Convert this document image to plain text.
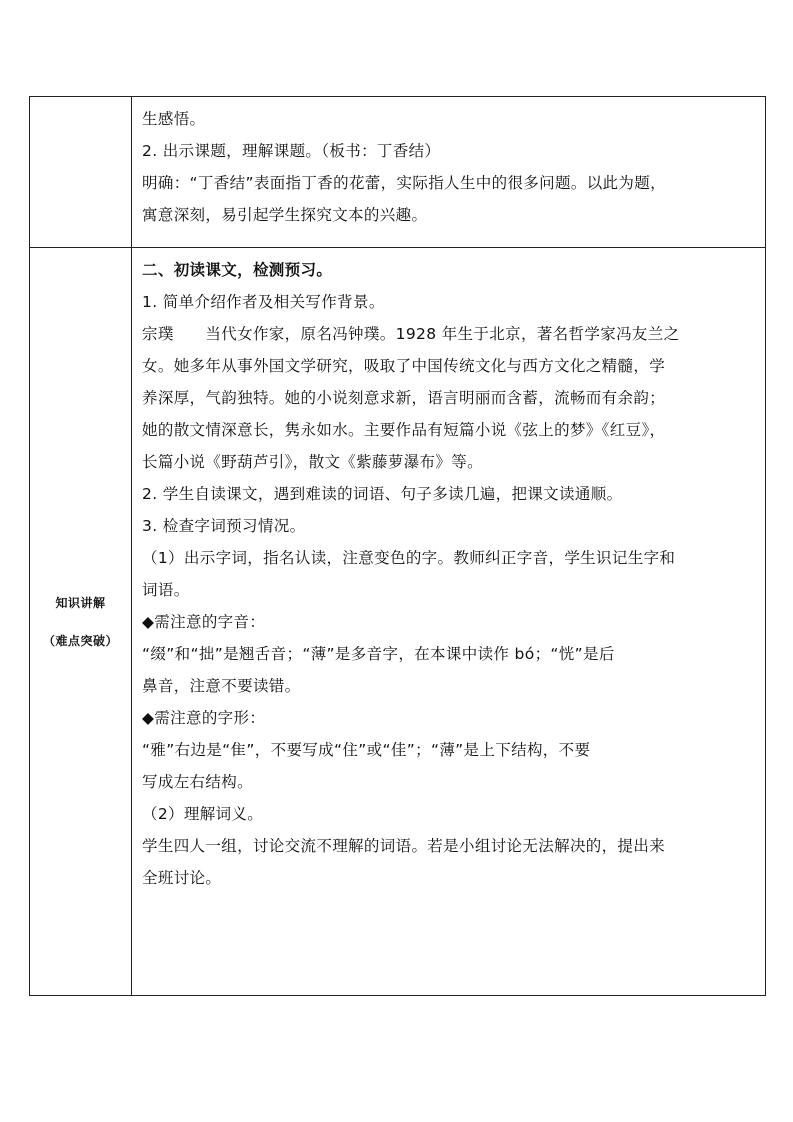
生感悟。
2. 出示课题，理解课题。（板书：丁香结）
明确：“丁香结”表面指丁香的花蕾，实际指人生中的很多问题。以此为题，
寓意深刻，易引起学生探究文本的兴趣。
知识讲解
（难点突破）
二、初读课文，检测预习。
1. 简单介绍作者及相关写作背景。
宗璞　　当代女作家，原名冯钟璞。1928 年生于北京，著名哲学家冯友兰之
女。她多年从事外国文学研究，吸取了中国传统文化与西方文化之精髓，学
养深厚，气韵独特。她的小说刻意求新，语言明丽而含蓄，流畅而有余韵；
她的散文情深意长，隽永如水。主要作品有短篇小说《弦上的梦》《红豆》，
长篇小说《野葫芦引》，散文《紫藤萝瀑布》等。
2. 学生自读课文，遇到难读的词语、句子多读几遍，把课文读通顺。
3. 检查字词预习情况。
（1）出示字词，指名认读，注意变色的字。教师纠正字音，学生识记生字和
词语。
◆需注意的字音：
“缀”和“拙”是翘舌音；“薄”是多音字，在本课中读作 bó；“恍”是后
鼻音，注意不要读错。
◆需注意的字形：
“雅”右边是“隹”，不要写成“住”或“佳”；“薄”是上下结构，不要
写成左右结构。
（2）理解词义。
学生四人一组，讨论交流不理解的词语。若是小组讨论无法解决的，提出来
全班讨论。
